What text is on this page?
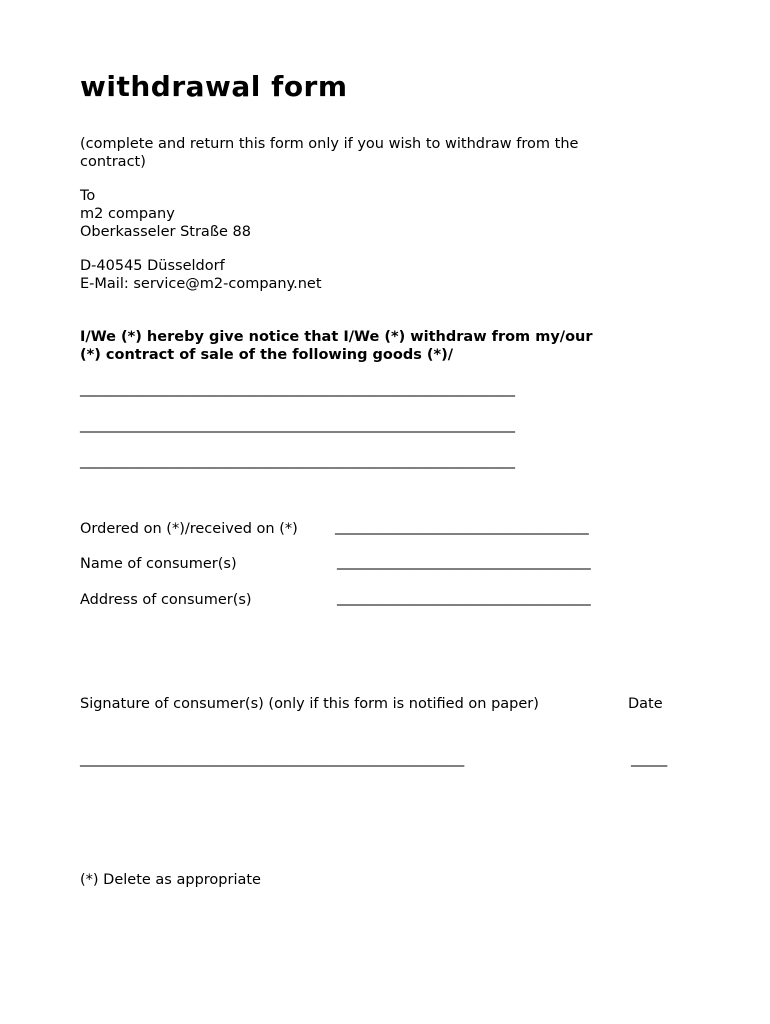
withdrawal form
(complete and return this form only if you wish to withdraw from the
contract)
To
m2 company
Oberkasseler Straße 88
D-40545 Düsseldorf
E-Mail: service@m2-company.net
I/We (*) hereby give notice that I/We (*) withdraw from my/our
(*) contract of sale of the following goods (*)/
____________________________________________________________
____________________________________________________________
____________________________________________________________
Ordered on (*)/received on (*)	___________________________________
Name of consumer(s)	___________________________________
Address of consumer(s)	___________________________________
Signature of consumer(s) (only if this form is notified on paper)	Date
_____________________________________________________	_____
(*) Delete as appropriate
